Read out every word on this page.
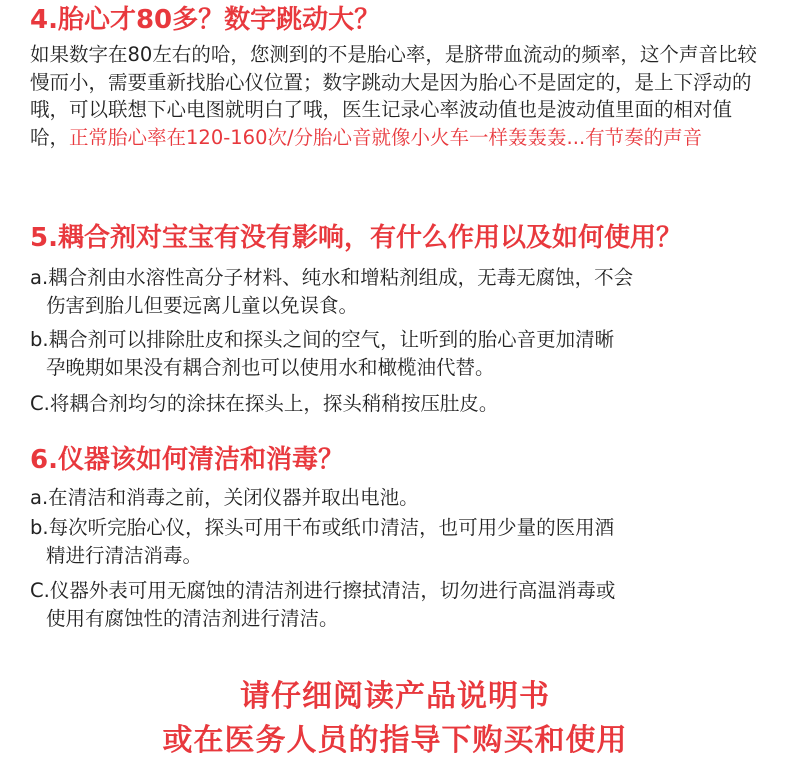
4.胎心才80多？数字跳动大？

如果数字在80左右的哈，您测到的不是胎心率，是脐带血流动的频率，这个声音比较慢而小，需要重新找胎心仪位置；数字跳动大是因为胎心不是固定的，是上下浮动的哦，可以联想下心电图就明白了哦，医生记录心率波动值也是波动值里面的相对值哈，正常胎心率在120-160次/分胎心音就像小火车一样轰轰轰...有节奏的声音

5.耦合剂对宝宝有没有影响，有什么作用以及如何使用？

a.耦合剂由水溶性高分子材料、纯水和增粘剂组成，无毒无腐蚀，不会
伤害到胎儿但要远离儿童以免误食。

b.耦合剂可以排除肚皮和探头之间的空气，让听到的胎心音更加清晰
孕晚期如果没有耦合剂也可以使用水和橄榄油代替。

C.将耦合剂均匀的涂抹在探头上，探头稍稍按压肚皮。

6.仪器该如何清洁和消毒？

a.在清洁和消毒之前，关闭仪器并取出电池。

b.每次听完胎心仪，探头可用干布或纸巾清洁，也可用少量的医用酒
精进行清洁消毒。

C.仪器外表可用无腐蚀的清洁剂进行擦拭清洁，切勿进行高温消毒或
使用有腐蚀性的清洁剂进行清洁。

请仔细阅读产品说明书

或在医务人员的指导下购买和使用
